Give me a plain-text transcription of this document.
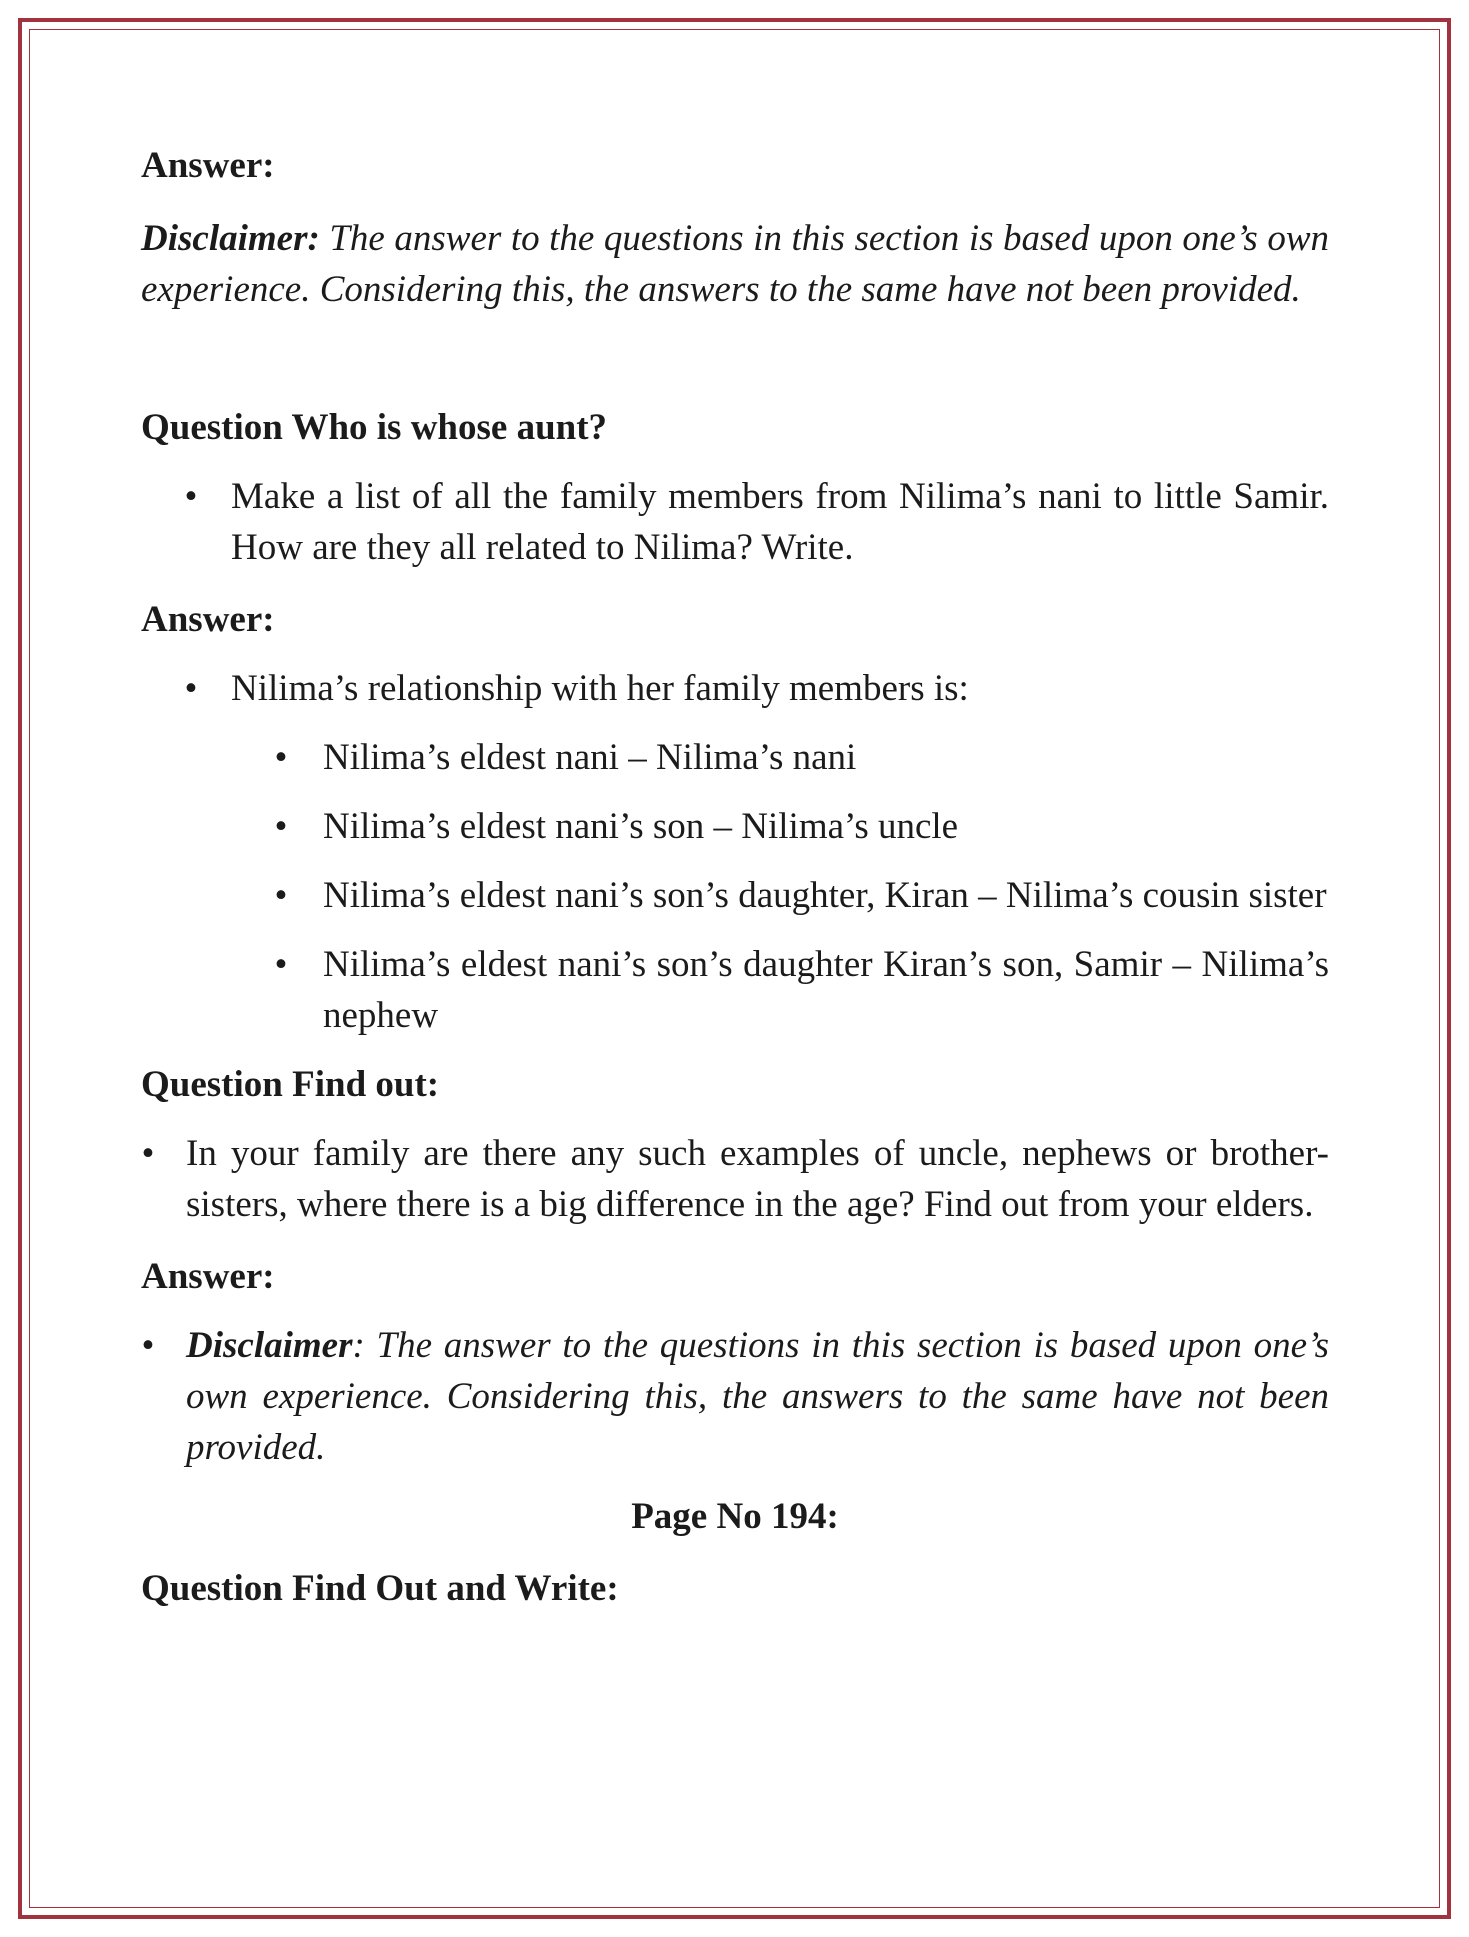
Answer:

Disclaimer: The answer to the questions in this section is based upon one’s own experience. Considering this, the answers to the same have not been provided.

Question Who is whose aunt?

• Make a list of all the family members from Nilima’s nani to little Samir. How are they all related to Nilima? Write.

Answer:

• Nilima’s relationship with her family members is:
• Nilima’s eldest nani – Nilima’s nani
• Nilima’s eldest nani’s son – Nilima’s uncle
• Nilima’s eldest nani’s son’s daughter, Kiran – Nilima’s cousin sister
• Nilima’s eldest nani’s son’s daughter Kiran’s son, Samir – Nilima’s nephew

Question Find out:

• In your family are there any such examples of uncle, nephews or brother-sisters, where there is a big difference in the age? Find out from your elders.

Answer:

• Disclaimer: The answer to the questions in this section is based upon one’s own experience. Considering this, the answers to the same have not been provided.

Page No 194:

Question Find Out and Write:
